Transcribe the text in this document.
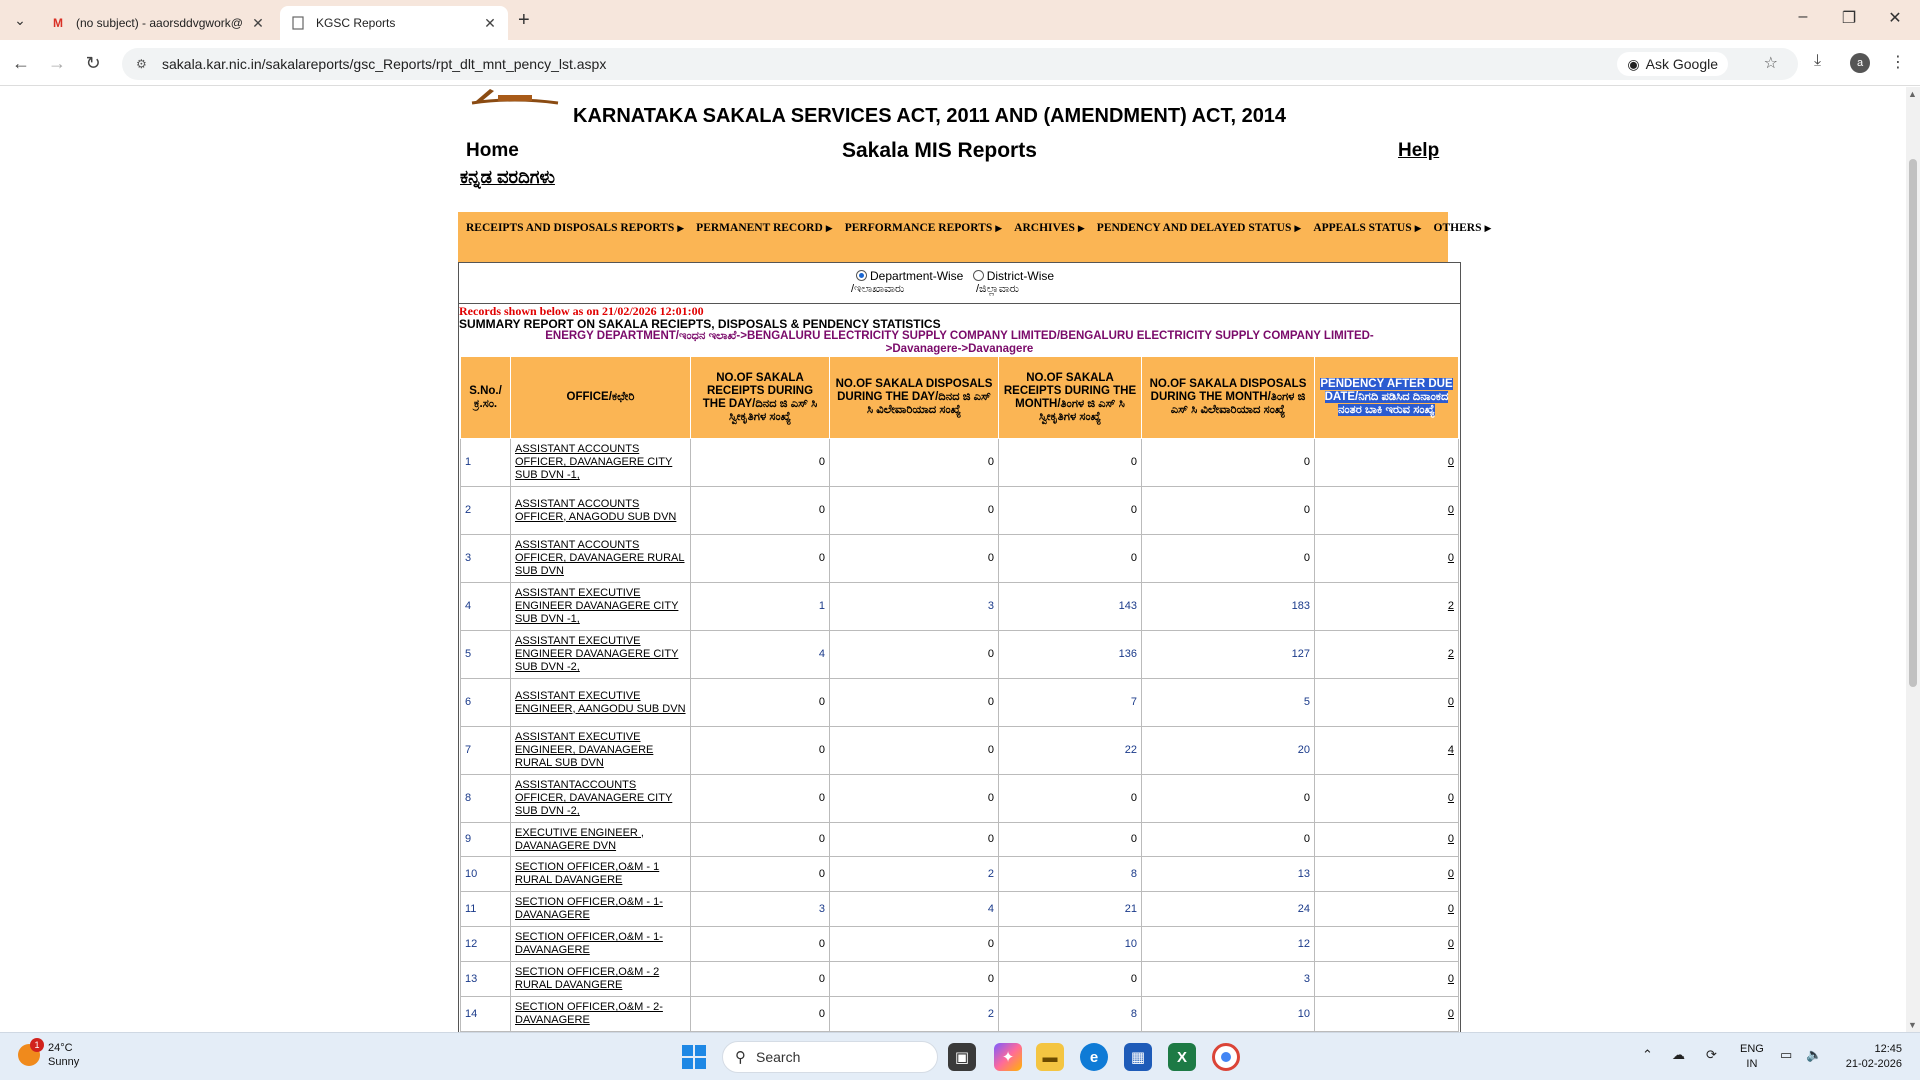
⌄	M (no subject) - aaorsddvgwork@ ✕	KGSC Reports	✕ +	–	❐	✕
← →	↻	⚙	sakala.kar.nic.in/sakalareports/gsc_Reports/rpt_dlt_mnt_pency_lst.aspx	◉ Ask Google	☆ ⤓	a	⋮
KARNATAKA SAKALA SERVICES ACT, 2011 AND (AMENDMENT) ACT, 2014
Home	Sakala MIS Reports	Help
ಕನ್ನಡ ವರದಿಗಳು
RECEIPTS AND DISPOSALS REPORTS ▶ PERMANENT RECORD ▶ PERFORMANCE REPORTS ▶ ARCHIVES ▶ PENDENCY AND DELAYED STATUS ▶ APPEALS STATUS ▶ OTHERS ▶
Department-Wise District-Wise
/ಇಲಾಖಾವಾರು	/ಜಿಲ್ಲಾವಾರು
Records shown below as on 21/02/2026 12:01:00
SUMMARY REPORT ON SAKALA RECIEPTS, DISPOSALS & PENDENCY STATISTICS
ENERGY DEPARTMENT/ಇಂಧನ ಇಲಾಖೆ->BENGALURU ELECTRICITY SUPPLY COMPANY LIMITED/BENGALURU ELECTRICITY SUPPLY COMPANY LIMITED-
>Davanagere->Davanagere
S.No./ ಕ್ರ.ಸಂ.	OFFICE/ಕಛೇರಿ	NO.OF SAKALA RECEIPTS DURING THE DAY/ದಿನದ ಜಿ ಎಸ್ ಸಿ ಸ್ವೀಕೃತಿಗಳ ಸಂಖ್ಯೆ	NO.OF SAKALA DISPOSALS DURING THE DAY/ದಿನದ ಜಿ ಎಸ್ ಸಿ ವಿಲೇವಾರಿಯಾದ ಸಂಖ್ಯೆ	NO.OF SAKALA RECEIPTS DURING THE MONTH/ತಿಂಗಳ ಜಿ ಎಸ್ ಸಿ ಸ್ವೀಕೃತಿಗಳ ಸಂಖ್ಯೆ	NO.OF SAKALA DISPOSALS DURING THE MONTH/ತಿಂಗಳ ಜಿ ಎಸ್ ಸಿ ವಿಲೇವಾರಿಯಾದ ಸಂಖ್ಯೆ	PENDENCY AFTER DUE DATE/ನಿಗದಿ ಪಡಿಸಿದ ದಿನಾಂಕದ ನಂತರ ಬಾಕಿ ಇರುವ ಸಂಖ್ಯೆ
1	ASSISTANT ACCOUNTS OFFICER, DAVANAGERE CITY SUB DVN -1,	0	0	0	0	0
2	ASSISTANT ACCOUNTS OFFICER, ANAGODU SUB DVN	0	0	0	0	0
3	ASSISTANT ACCOUNTS OFFICER, DAVANAGERE RURAL SUB DVN	0	0	0	0	0
4	ASSISTANT EXECUTIVE ENGINEER DAVANAGERE CITY SUB DVN -1,	1	3	143	183	2
5	ASSISTANT EXECUTIVE ENGINEER DAVANAGERE CITY SUB DVN -2,	4	0	136	127	2
6	ASSISTANT EXECUTIVE ENGINEER, AANGODU SUB DVN	0	0	7	5	0
7	ASSISTANT EXECUTIVE ENGINEER, DAVANAGERE RURAL SUB DVN	0	0	22	20	4
8	ASSISTANTACCOUNTS OFFICER, DAVANAGERE CITY SUB DVN -2,	0	0	0	0	0
9	EXECUTIVE ENGINEER , DAVANAGERE DVN	0	0	0	0	0
10	SECTION OFFICER,O&M - 1 RURAL DAVANGERE	0	2	8	13	0
11	SECTION OFFICER,O&M - 1-DAVANAGERE	3	4	21	24	0
12	SECTION OFFICER,O&M - 1-DAVANAGERE	0	0	10	12	0
13	SECTION OFFICER,O&M - 2 RURAL DAVANGERE	0	0	0	3	0
14	SECTION OFFICER,O&M - 2-DAVANAGERE	0	2	8	10	0
▲
▼
1 24°C
Sunny	⚲ Search	▣	✦	▬	e	▦	X	⌃ ☁ ⟳ ENG
IN
▭ 🔈	12:45
21-02-2026
